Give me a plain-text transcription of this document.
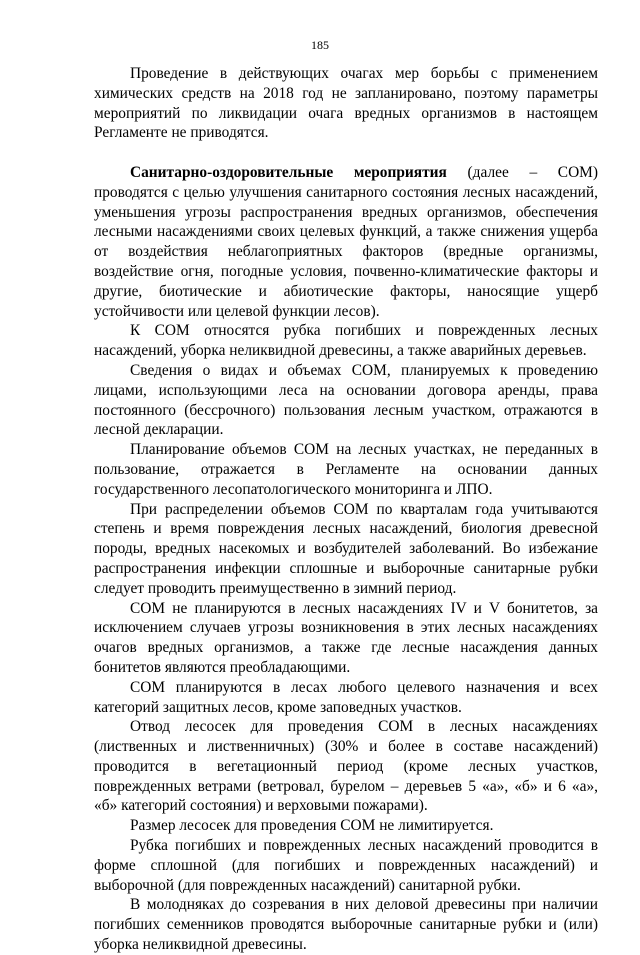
185

Проведение в действующих очагах мер борьбы с применением химических средств на 2018 год не запланировано, поэтому параметры мероприятий по ликвидации очага вредных организмов в настоящем Регламенте не приводятся.

Санитарно-оздоровительные мероприятия (далее – СОМ) проводятся с целью улучшения санитарного состояния лесных насаждений, уменьшения угрозы распространения вредных организмов, обеспечения лесными насаждениями своих целевых функций, а также снижения ущерба от воздействия неблагоприятных факторов (вредные организмы, воздействие огня, погодные условия, почвенно-климатические факторы и другие, биотические и абиотические факторы, наносящие ущерб устойчивости или целевой функции лесов).

К СОМ относятся рубка погибших и поврежденных лесных насаждений, уборка неликвидной древесины, а также аварийных деревьев.

Сведения о видах и объемах СОМ, планируемых к проведению лицами, использующими леса на основании договора аренды, права постоянного (бессрочного) пользования лесным участком, отражаются в лесной декларации.

Планирование объемов СОМ на лесных участках, не переданных в пользование, отражается в Регламенте на основании данных государственного лесопатологического мониторинга и ЛПО.

При распределении объемов СОМ по кварталам года учитываются степень и время повреждения лесных насаждений, биология древесной породы, вредных насекомых и возбудителей заболеваний. Во избежание распространения инфекции сплошные и выборочные санитарные рубки следует проводить преимущественно в зимний период.

СОМ не планируются в лесных насаждениях IV и V бонитетов, за исключением случаев угрозы возникновения в этих лесных насаждениях очагов вредных организмов, а также где лесные насаждения данных бонитетов являются преобладающими.

СОМ планируются в лесах любого целевого назначения и всех категорий защитных лесов, кроме заповедных участков.

Отвод лесосек для проведения СОМ в лесных насаждениях (лиственных и лиственничных) (30% и более в составе насаждений) проводится в вегетационный период (кроме лесных участков, поврежденных ветрами (ветровал, бурелом – деревьев 5 «а», «б» и 6 «а», «б» категорий состояния) и верховыми пожарами).

Размер лесосек для проведения СОМ не лимитируется.

Рубка погибших и поврежденных лесных насаждений проводится в форме сплошной (для погибших и поврежденных насаждений) и выборочной (для поврежденных насаждений) санитарной рубки.

В молодняках до созревания в них деловой древесины при наличии погибших семенников проводятся выборочные санитарные рубки и (или) уборка неликвидной древесины.
